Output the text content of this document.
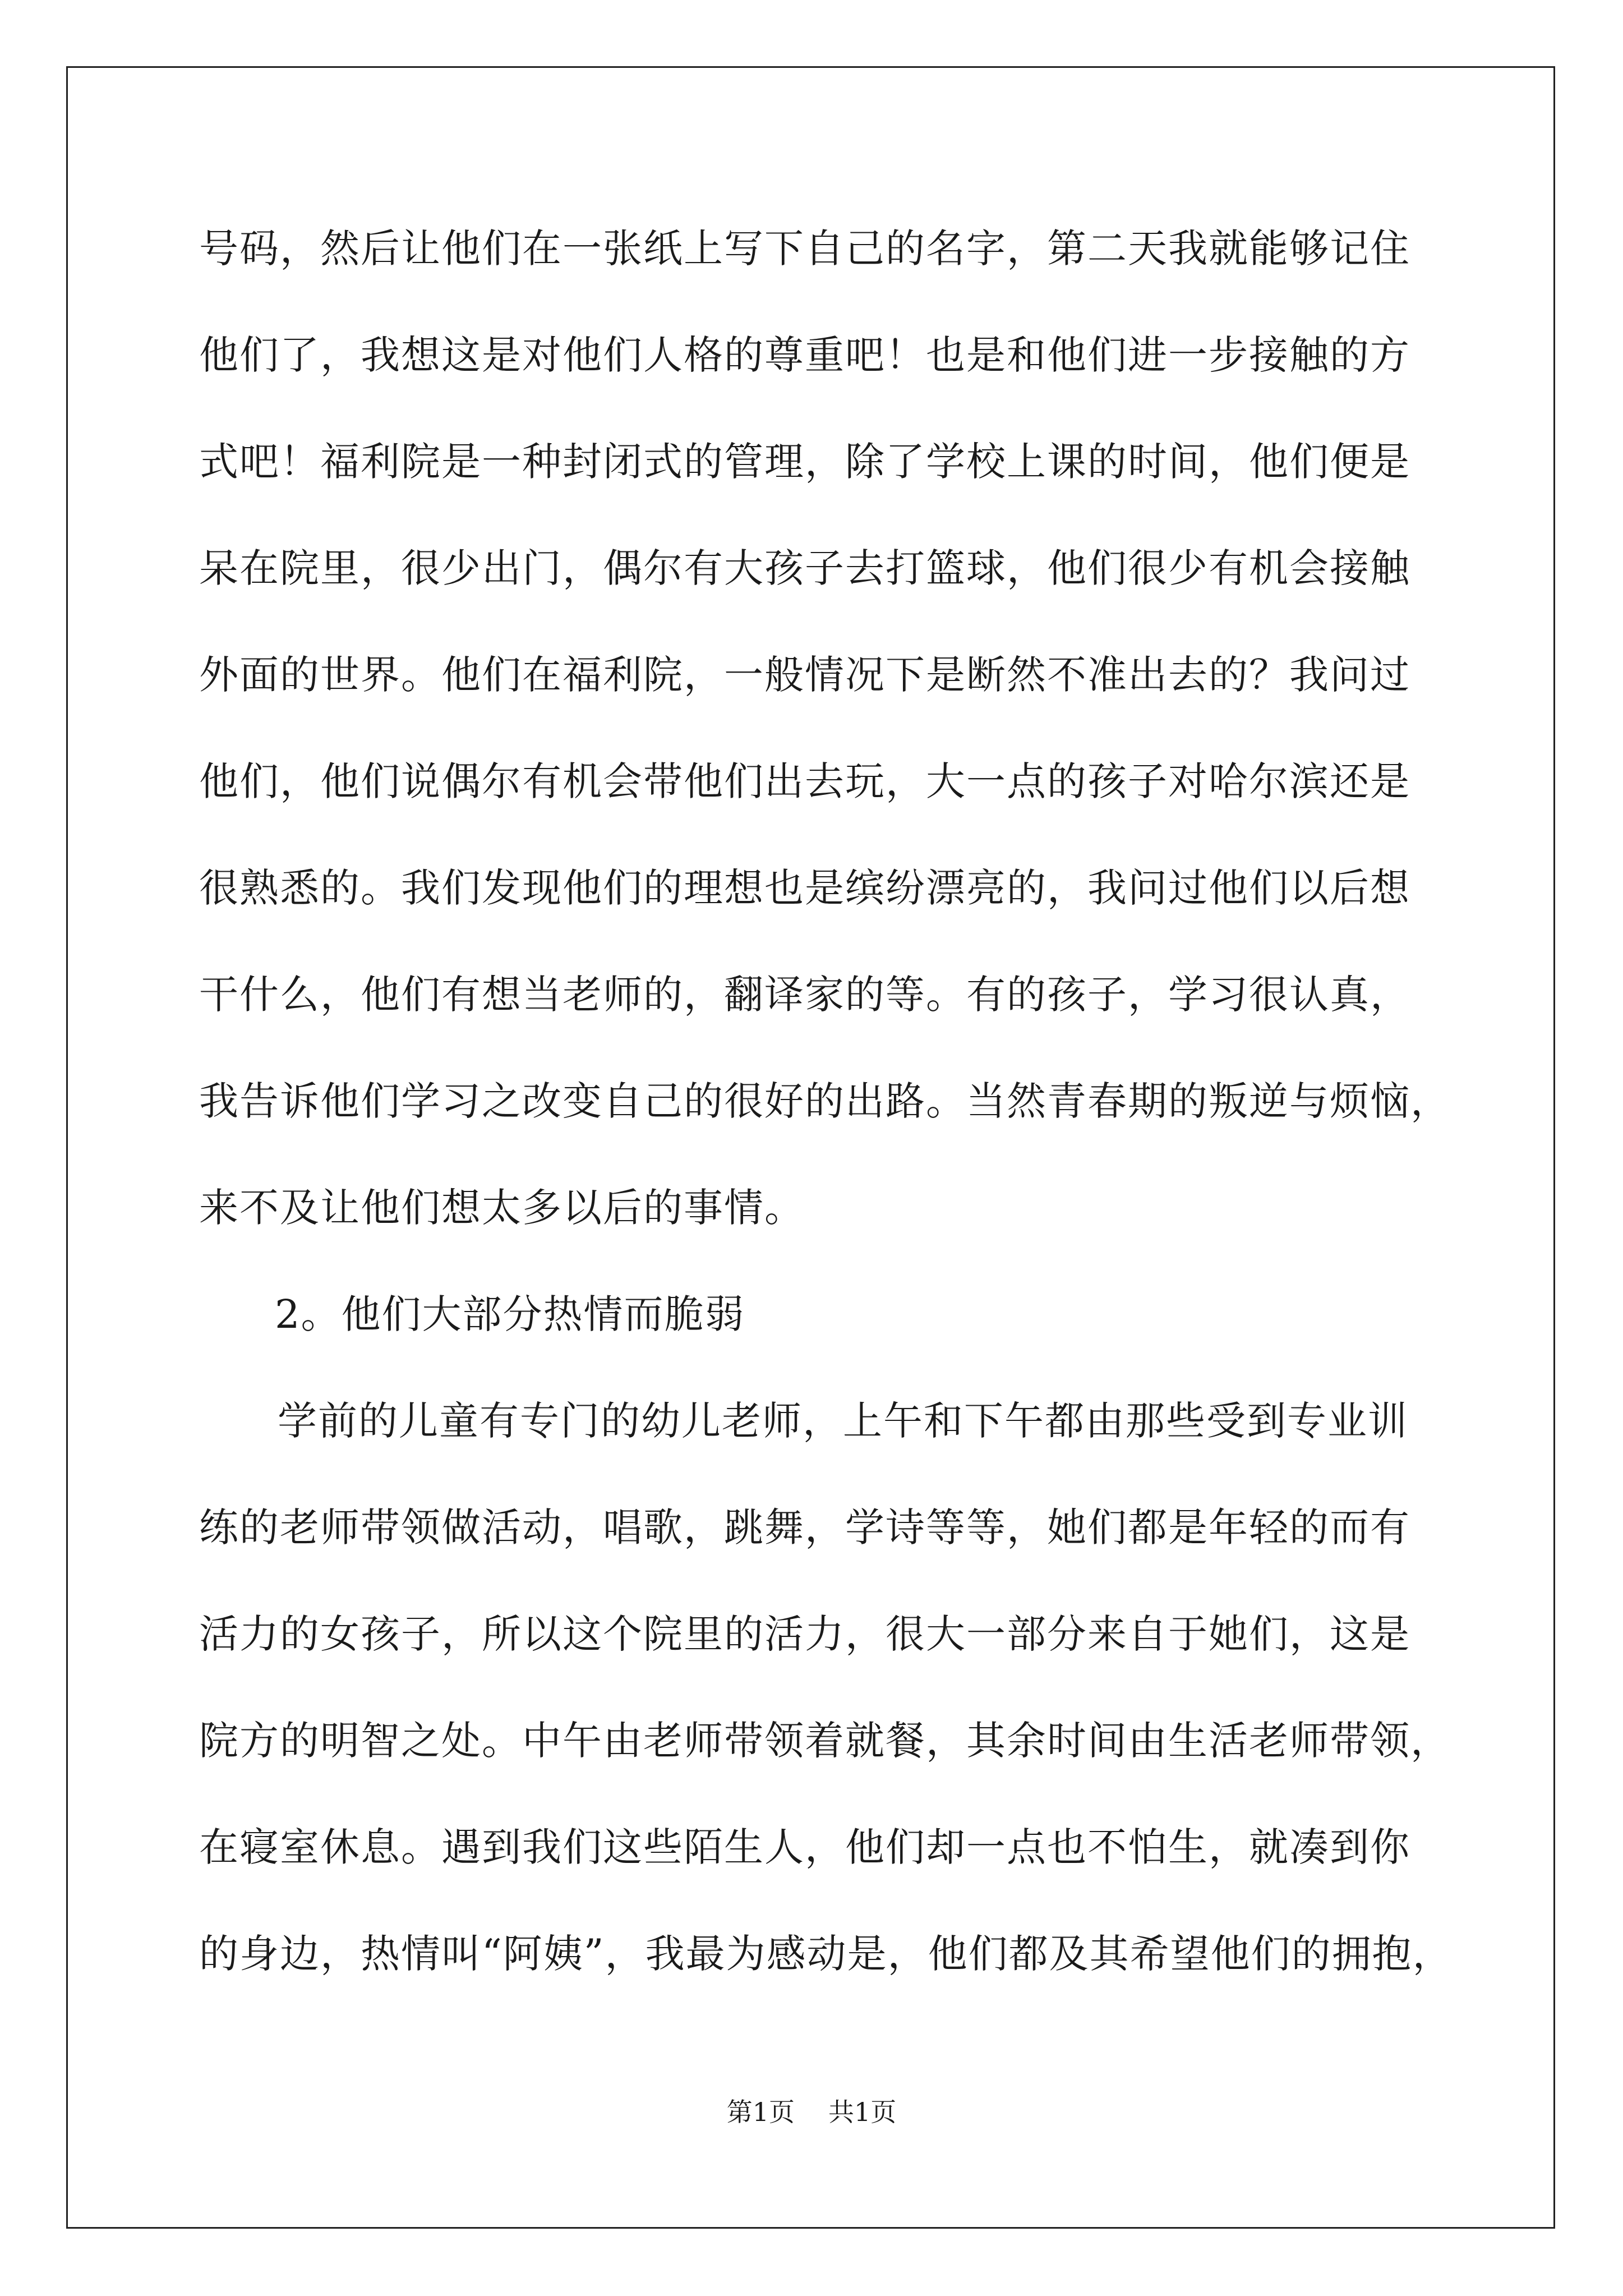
号码，然后让他们在一张纸上写下自己的名字，第二天我就能够记住
他们了，我想这是对他们人格的尊重吧！也是和他们进一步接触的方
式吧！福利院是一种封闭式的管理，除了学校上课的时间，他们便是
呆在院里，很少出门，偶尔有大孩子去打篮球，他们很少有机会接触
外面的世界。他们在福利院，一般情况下是断然不准出去的？我问过
他们，他们说偶尔有机会带他们出去玩，大一点的孩子对哈尔滨还是
很熟悉的。我们发现他们的理想也是缤纷漂亮的，我问过他们以后想
干什么，他们有想当老师的，翻译家的等。有的孩子，学习很认真，
我告诉他们学习之改变自己的很好的出路。当然青春期的叛逆与烦恼，
来不及让他们想太多以后的事情。
2。他们大部分热情而脆弱
学前的儿童有专门的幼儿老师，上午和下午都由那些受到专业训
练的老师带领做活动，唱歌，跳舞，学诗等等，她们都是年轻的而有
活力的女孩子，所以这个院里的活力，很大一部分来自于她们，这是
院方的明智之处。中午由老师带领着就餐，其余时间由生活老师带领，
在寝室休息。遇到我们这些陌生人，他们却一点也不怕生，就凑到你
的身边，热情叫“阿姨”，我最为感动是，他们都及其希望他们的拥抱，
第1页 共1页
